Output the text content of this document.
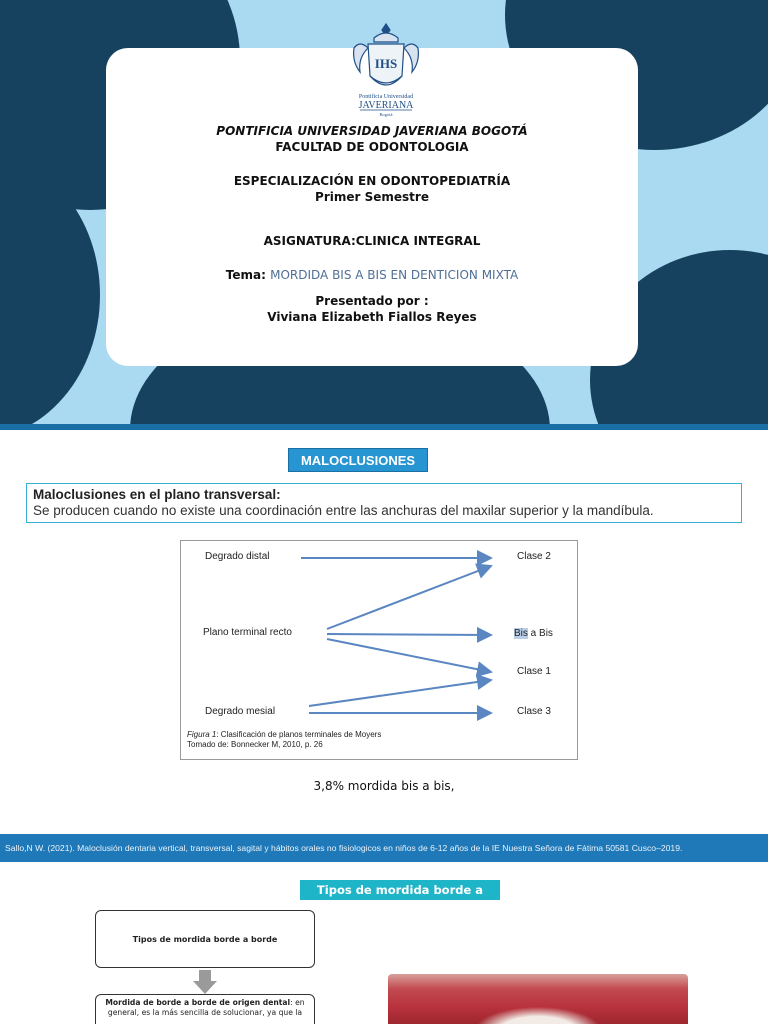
IHS
Pontificia Universidad
JAVERIANA
Bogotá
PONTIFICIA UNIVERSIDAD JAVERIANA BOGOTÁ
FACULTAD DE ODONTOLOGIA
ESPECIALIZACIÓN EN ODONTOPEDIATRÍA
Primer Semestre
ASIGNATURA:CLINICA INTEGRAL
Tema: MORDIDA BIS A BIS EN DENTICION MIXTA
Presentado por :
Viviana Elizabeth Fiallos Reyes
MALOCLUSIONES
Maloclusiones en el plano transversal:
Se producen cuando no existe una coordinación entre las anchuras del maxilar superior y la mandíbula.
Degrado distal
Plano terminal recto
Degrado mesial
Clase 2
Bis a Bis
Clase 1
Clase 3
Figura 1: Clasificación de planos terminales de Moyers
Tomado de: Bonnecker M, 2010, p. 26
3,8% mordida bis a bis,
Sallo,N W. (2021). Maloclusión dentaria vertical, transversal, sagital y hábitos orales no fisiologicos en niños de 6-12 años de la IE Nuestra Señora de Fátima 50581 Cusco–2019.
Tipos de mordida borde a borde
Tipos de mordida borde a borde
Mordida de borde a borde de origen dental: en general, es la más sencilla de solucionar, ya que la
